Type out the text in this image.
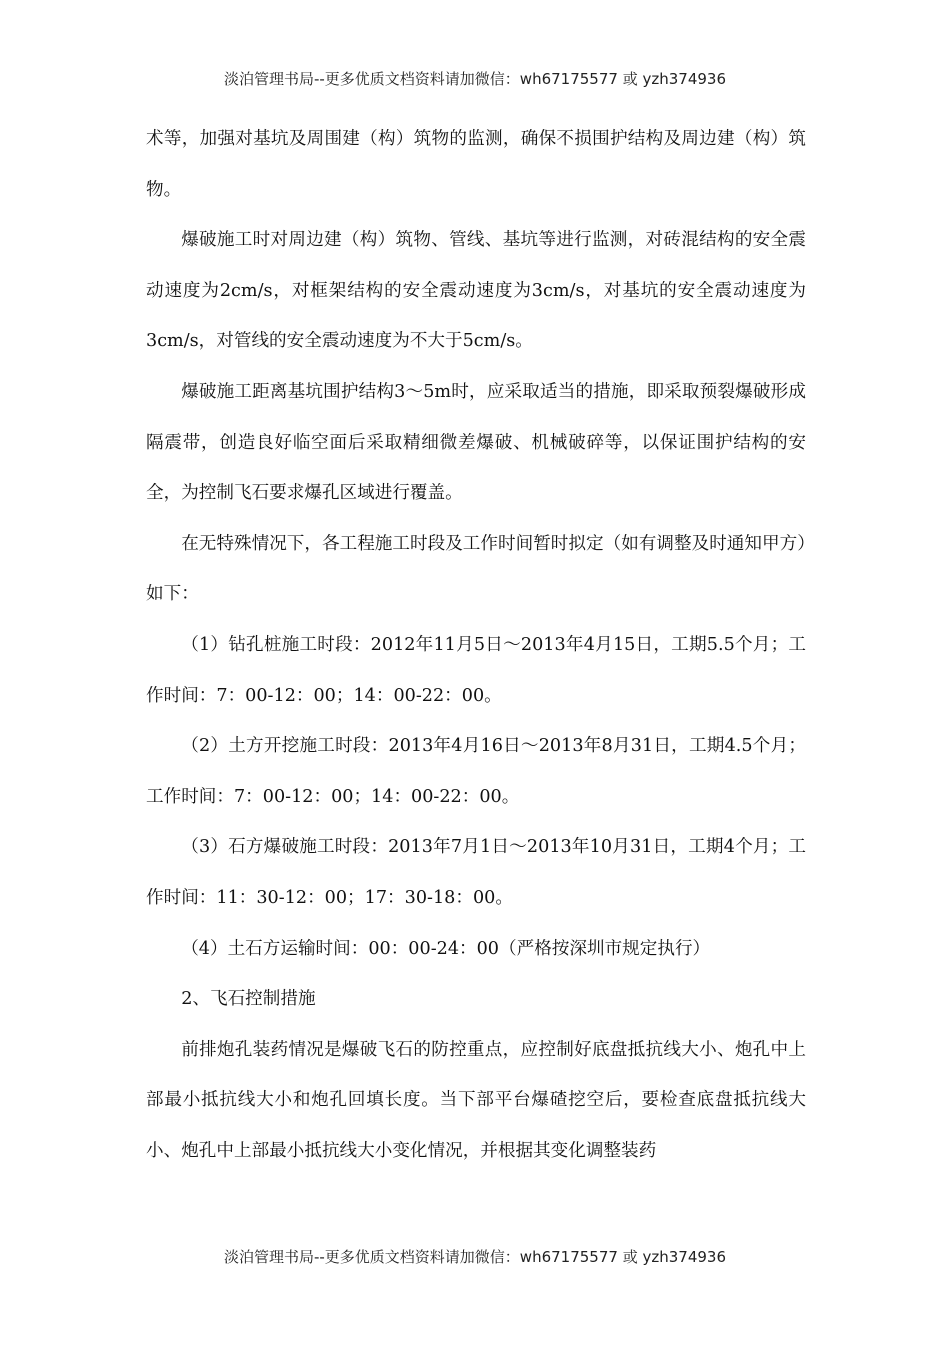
淡泊管理书局--更多优质文档资料请加微信：wh67175577 或 yzh374936

术等，加强对基坑及周围建（构）筑物的监测，确保不损围护结构及周边建（构）筑物。

爆破施工时对周边建（构）筑物、管线、基坑等进行监测，对砖混结构的安全震动速度为2cm/s，对框架结构的安全震动速度为3cm/s，对基坑的安全震动速度为3cm/s，对管线的安全震动速度为不大于5cm/s。

爆破施工距离基坑围护结构3～5m时，应采取适当的措施，即采取预裂爆破形成隔震带，创造良好临空面后采取精细微差爆破、机械破碎等，以保证围护结构的安全，为控制飞石要求爆孔区域进行覆盖。

在无特殊情况下，各工程施工时段及工作时间暂时拟定（如有调整及时通知甲方）如下：

（1）钻孔桩施工时段：2012年11月5日～2013年4月15日，工期5.5个月；工作时间：7：00-12：00；14：00-22：00。

（2）土方开挖施工时段：2013年4月16日～2013年8月31日，工期4.5个月；工作时间：7：00-12：00；14：00-22：00。

（3）石方爆破施工时段：2013年7月1日～2013年10月31日，工期4个月；工作时间：11：30-12：00；17：30-18：00。

（4）土石方运输时间：00：00-24：00（严格按深圳市规定执行）

2、飞石控制措施

前排炮孔装药情况是爆破飞石的防控重点，应控制好底盘抵抗线大小、炮孔中上部最小抵抗线大小和炮孔回填长度。当下部平台爆碴挖空后，要检查底盘抵抗线大小、炮孔中上部最小抵抗线大小变化情况，并根据其变化调整装药

淡泊管理书局--更多优质文档资料请加微信：wh67175577 或 yzh374936
